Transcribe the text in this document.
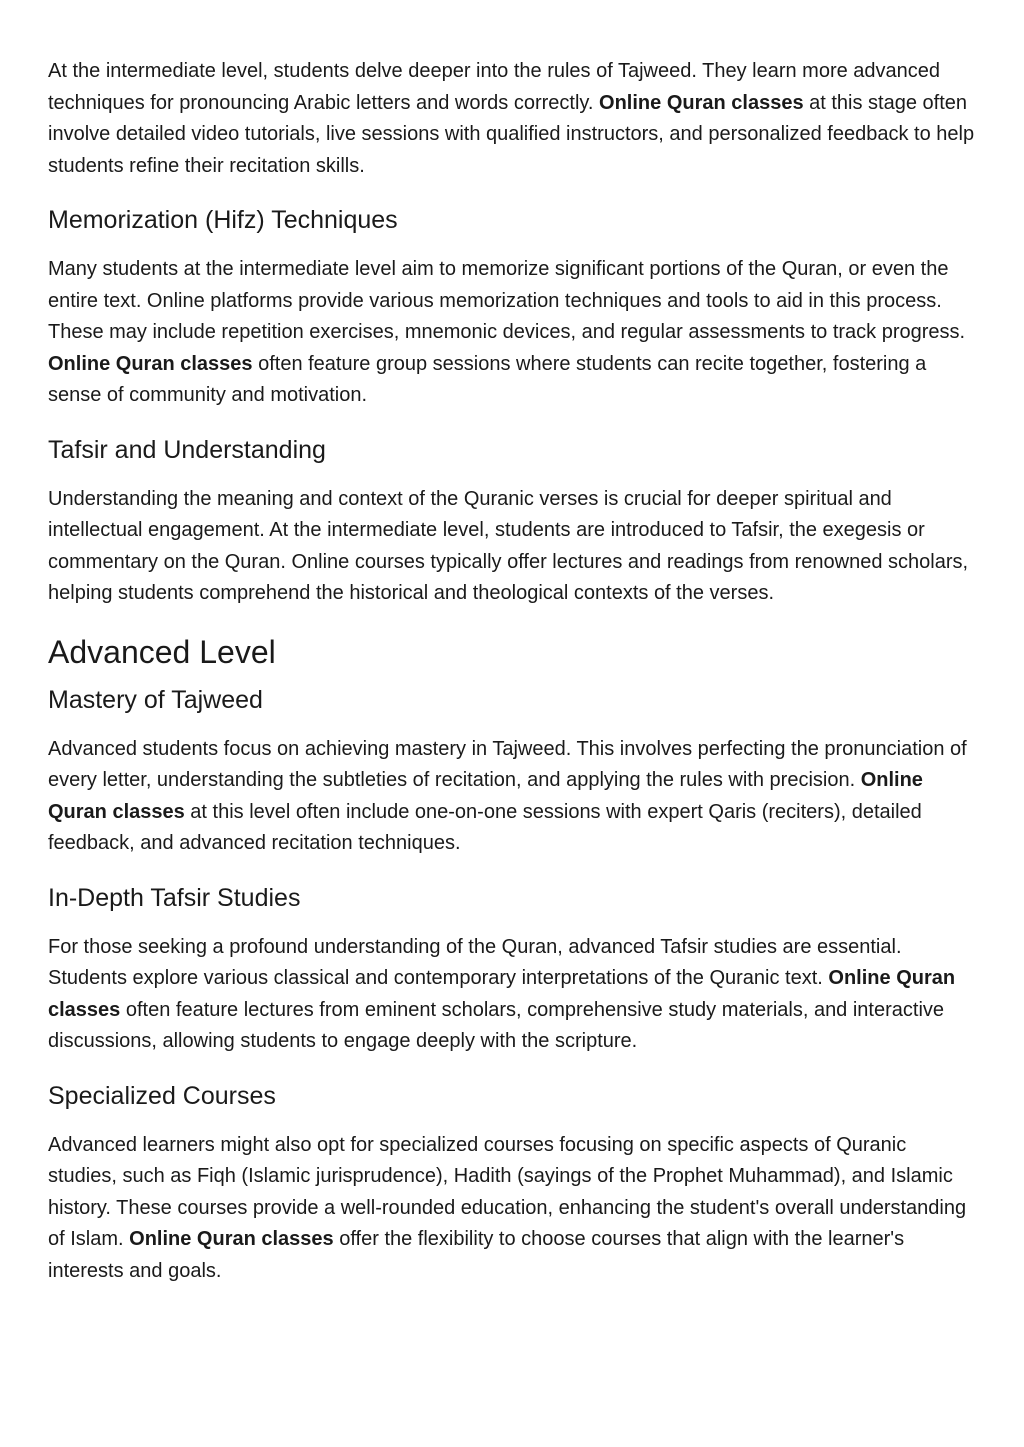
At the intermediate level, students delve deeper into the rules of Tajweed. They learn more advanced techniques for pronouncing Arabic letters and words correctly. Online Quran classes at this stage often involve detailed video tutorials, live sessions with qualified instructors, and personalized feedback to help students refine their recitation skills.

Memorization (Hifz) Techniques

Many students at the intermediate level aim to memorize significant portions of the Quran, or even the entire text. Online platforms provide various memorization techniques and tools to aid in this process. These may include repetition exercises, mnemonic devices, and regular assessments to track progress. Online Quran classes often feature group sessions where students can recite together, fostering a sense of community and motivation.

Tafsir and Understanding

Understanding the meaning and context of the Quranic verses is crucial for deeper spiritual and intellectual engagement. At the intermediate level, students are introduced to Tafsir, the exegesis or commentary on the Quran. Online courses typically offer lectures and readings from renowned scholars, helping students comprehend the historical and theological contexts of the verses.

Advanced Level
Mastery of Tajweed

Advanced students focus on achieving mastery in Tajweed. This involves perfecting the pronunciation of every letter, understanding the subtleties of recitation, and applying the rules with precision. Online Quran classes at this level often include one-on-one sessions with expert Qaris (reciters), detailed feedback, and advanced recitation techniques.

In-Depth Tafsir Studies

For those seeking a profound understanding of the Quran, advanced Tafsir studies are essential. Students explore various classical and contemporary interpretations of the Quranic text. Online Quran classes often feature lectures from eminent scholars, comprehensive study materials, and interactive discussions, allowing students to engage deeply with the scripture.

Specialized Courses

Advanced learners might also opt for specialized courses focusing on specific aspects of Quranic studies, such as Fiqh (Islamic jurisprudence), Hadith (sayings of the Prophet Muhammad), and Islamic history. These courses provide a well-rounded education, enhancing the student's overall understanding of Islam. Online Quran classes offer the flexibility to choose courses that align with the learner's interests and goals.
